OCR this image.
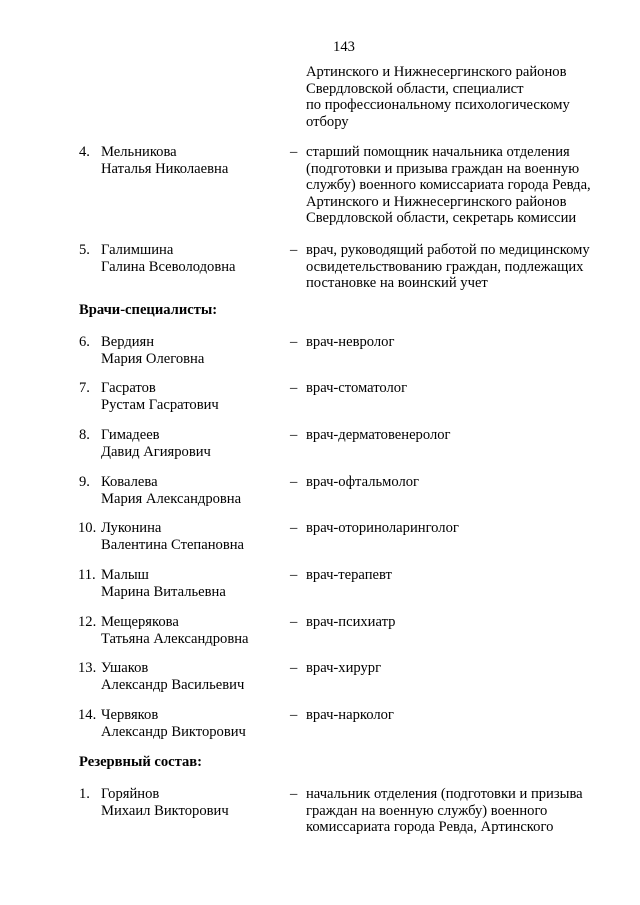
143
Артинского и Нижнесергинского районов
Свердловской области, специалист
по профессиональному психологическому
отбору
4. Мельникова
Наталья Николаевна
– старший помощник начальника отделения
(подготовки и призыва граждан на военную
службу) военного комиссариата города Ревда,
Артинского и Нижнесергинского районов
Свердловской области, секретарь комиссии
5. Галимшина
Галина Всеволодовна
– врач, руководящий работой по медицинскому
освидетельствованию граждан, подлежащих
постановке на воинский учет
Врачи-специалисты:
6. Вердиян
Мария Олеговна
– врач-невролог
7. Гасратов
Рустам Гасратович
– врач-стоматолог
8. Гимадеев
Давид Агиярович
– врач-дерматовенеролог
9. Ковалева
Мария Александровна
– врач-офтальмолог
10. Луконина
Валентина Степановна
– врач-оториноларинголог
11. Малыш
Марина Витальевна
– врач-терапевт
12. Мещерякова
Татьяна Александровна
– врач-психиатр
13. Ушаков
Александр Васильевич
– врач-хирург
14. Червяков
Александр Викторович
– врач-нарколог
Резервный состав:
1. Горяйнов
Михаил Викторович
– начальник отделения (подготовки и призыва
граждан на военную службу) военного
комиссариата города Ревда, Артинского
